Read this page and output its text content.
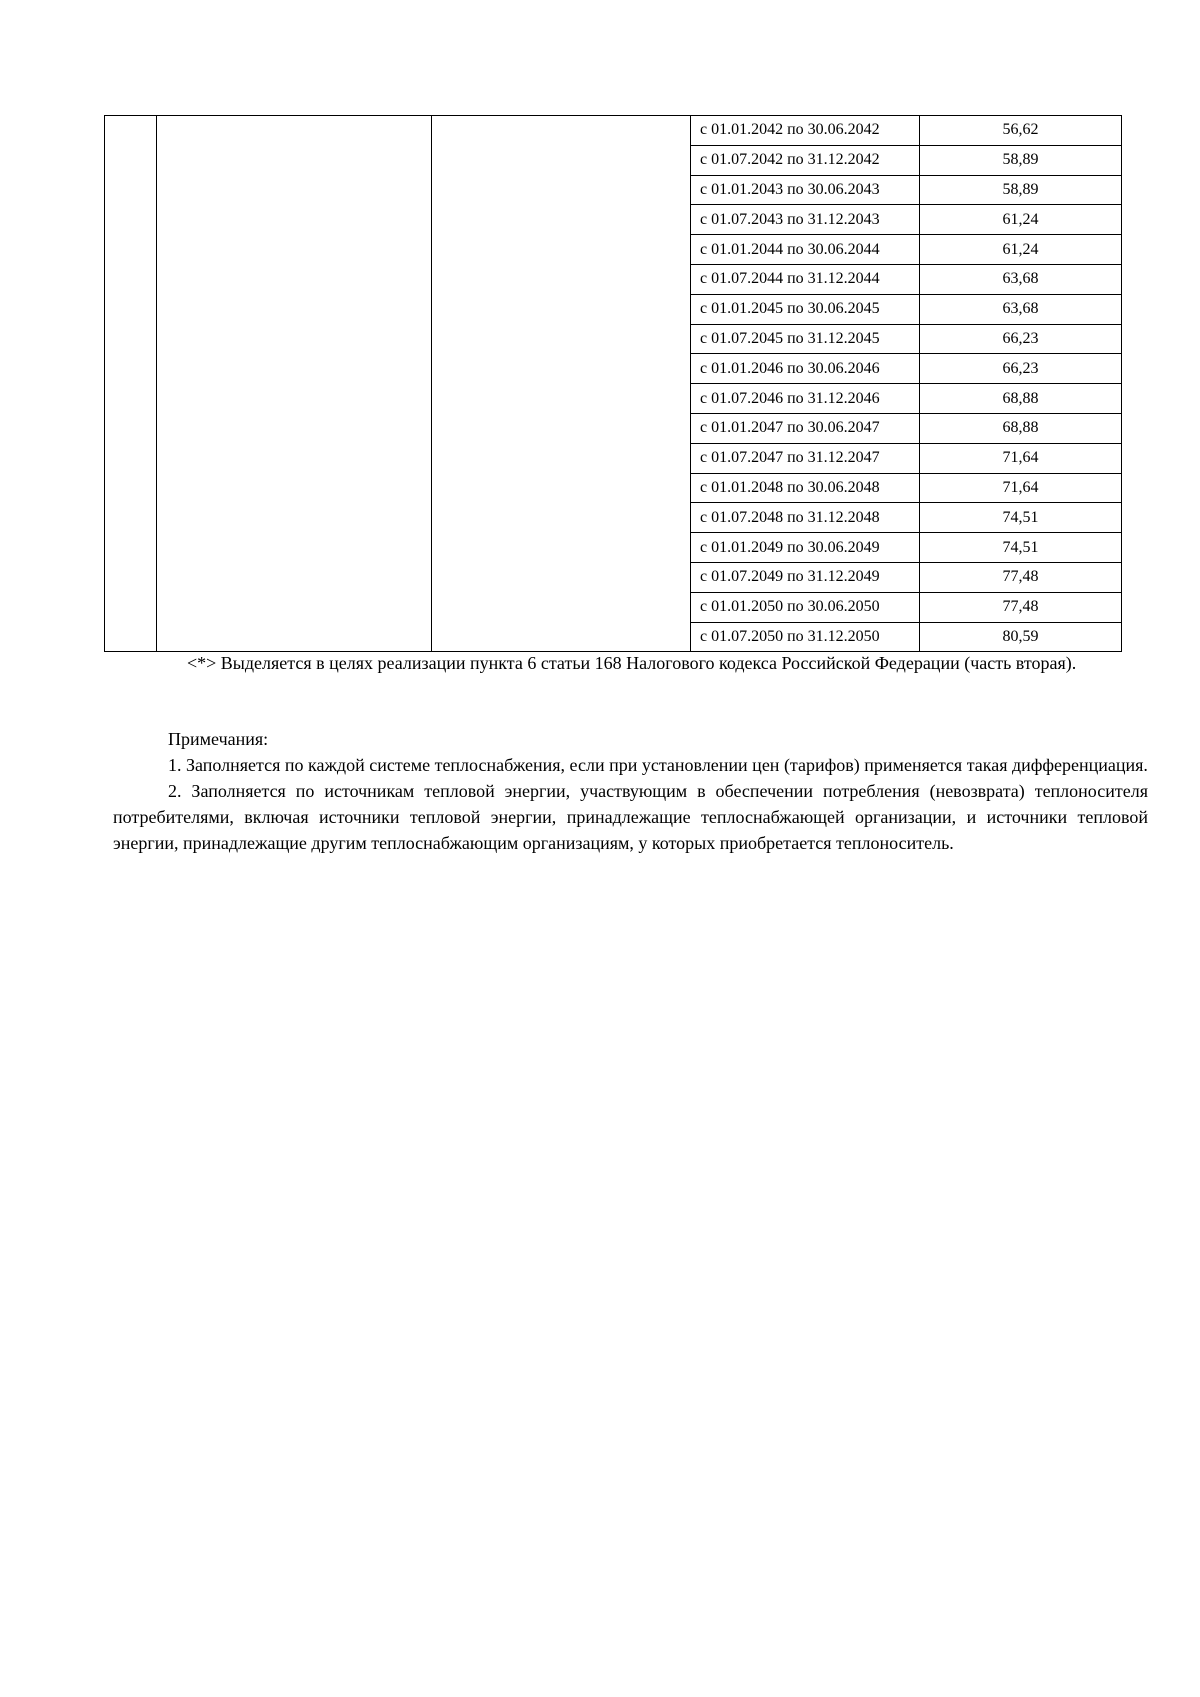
			с 01.01.2042 по 30.06.2042	56,62
			с 01.07.2042 по 31.12.2042	58,89
			с 01.01.2043 по 30.06.2043	58,89
			с 01.07.2043 по 31.12.2043	61,24
			с 01.01.2044 по 30.06.2044	61,24
			с 01.07.2044 по 31.12.2044	63,68
			с 01.01.2045 по 30.06.2045	63,68
			с 01.07.2045 по 31.12.2045	66,23
			с 01.01.2046 по 30.06.2046	66,23
			с 01.07.2046 по 31.12.2046	68,88
			с 01.01.2047 по 30.06.2047	68,88
			с 01.07.2047 по 31.12.2047	71,64
			с 01.01.2048 по 30.06.2048	71,64
			с 01.07.2048 по 31.12.2048	74,51
			с 01.01.2049 по 30.06.2049	74,51
			с 01.07.2049 по 31.12.2049	77,48
			с 01.01.2050 по 30.06.2050	77,48
			с 01.07.2050 по 31.12.2050	80,59

<*> Выделяется в целях реализации пункта 6 статьи 168 Налогового кодекса Российской Федерации (часть вторая).

Примечания:

1. Заполняется по каждой системе теплоснабжения, если при установлении цен (тарифов) применяется такая дифференциация.

2. Заполняется по источникам тепловой энергии, участвующим в обеспечении потребления (невозврата) теплоносителя потребителями, включая источники тепловой энергии, принадлежащие теплоснабжающей организации, и источники тепловой энергии, принадлежащие другим теплоснабжающим организациям, у которых приобретается теплоноситель.
